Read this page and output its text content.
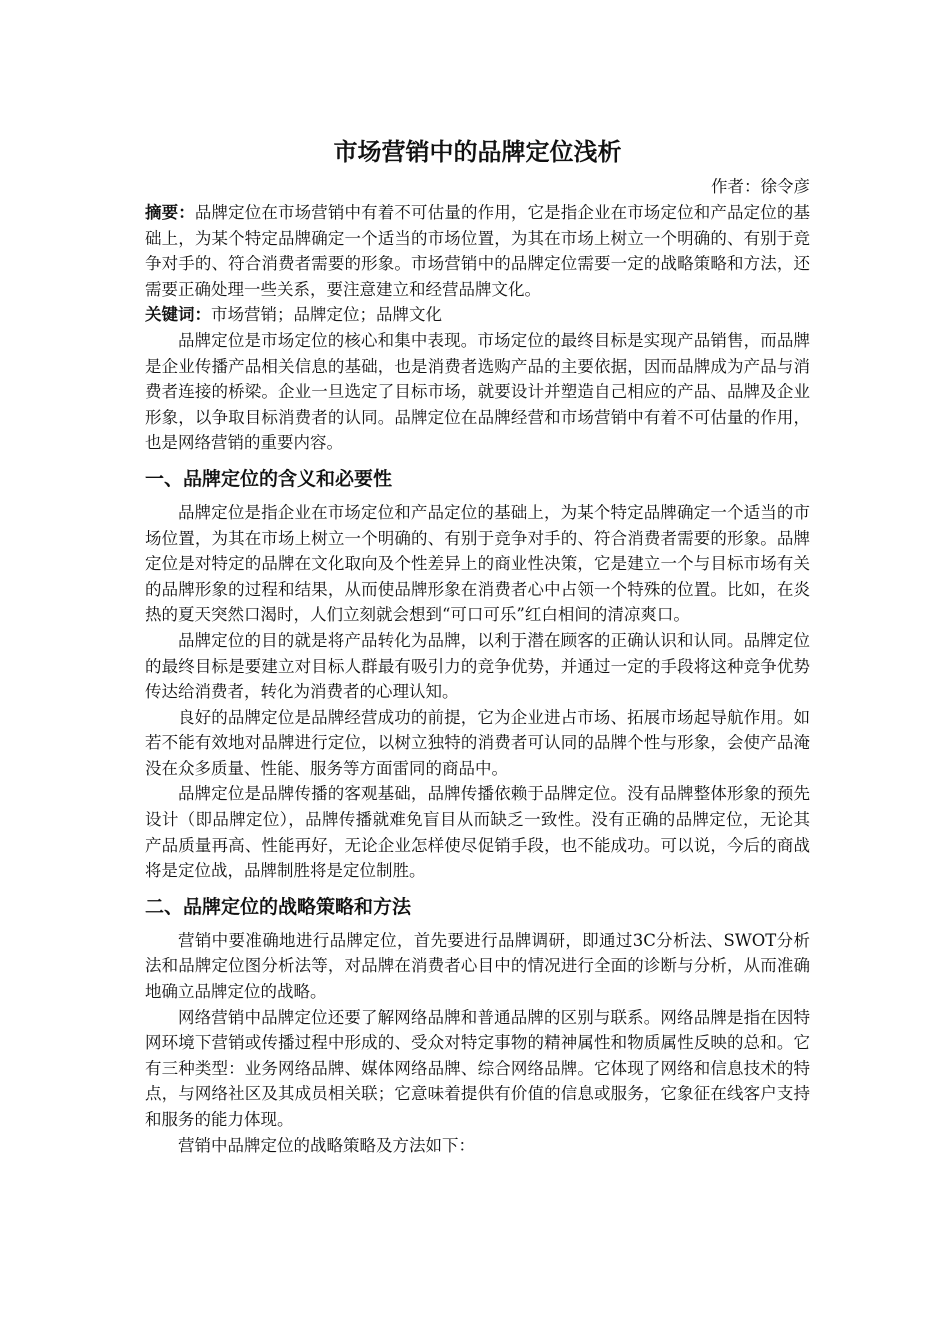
市场营销中的品牌定位浅析

作者：徐令彦

摘要：品牌定位在市场营销中有着不可估量的作用，它是指企业在市场定位和产品定位的基础上，为某个特定品牌确定一个适当的市场位置，为其在市场上树立一个明确的、有别于竞争对手的、符合消费者需要的形象。市场营销中的品牌定位需要一定的战略策略和方法，还需要正确处理一些关系，要注意建立和经营品牌文化。

关键词：市场营销；品牌定位；品牌文化

品牌定位是市场定位的核心和集中表现。市场定位的最终目标是实现产品销售，而品牌是企业传播产品相关信息的基础，也是消费者选购产品的主要依据，因而品牌成为产品与消费者连接的桥梁。企业一旦选定了目标市场，就要设计并塑造自己相应的产品、品牌及企业形象，以争取目标消费者的认同。品牌定位在品牌经营和市场营销中有着不可估量的作用，也是网络营销的重要内容。

一、品牌定位的含义和必要性

品牌定位是指企业在市场定位和产品定位的基础上，为某个特定品牌确定一个适当的市场位置，为其在市场上树立一个明确的、有别于竞争对手的、符合消费者需要的形象。品牌定位是对特定的品牌在文化取向及个性差异上的商业性决策，它是建立一个与目标市场有关的品牌形象的过程和结果，从而使品牌形象在消费者心中占领一个特殊的位置。比如，在炎热的夏天突然口渴时，人们立刻就会想到“可口可乐”红白相间的清凉爽口。

品牌定位的目的就是将产品转化为品牌，以利于潜在顾客的正确认识和认同。品牌定位的最终目标是要建立对目标人群最有吸引力的竞争优势，并通过一定的手段将这种竞争优势传达给消费者，转化为消费者的心理认知。

良好的品牌定位是品牌经营成功的前提，它为企业进占市场、拓展市场起导航作用。如若不能有效地对品牌进行定位，以树立独特的消费者可认同的品牌个性与形象，会使产品淹没在众多质量、性能、服务等方面雷同的商品中。

品牌定位是品牌传播的客观基础，品牌传播依赖于品牌定位。没有品牌整体形象的预先设计（即品牌定位），品牌传播就难免盲目从而缺乏一致性。没有正确的品牌定位，无论其产品质量再高、性能再好，无论企业怎样使尽促销手段，也不能成功。可以说，今后的商战将是定位战，品牌制胜将是定位制胜。

二、品牌定位的战略策略和方法

营销中要准确地进行品牌定位，首先要进行品牌调研，即通过3C分析法、SWOT分析法和品牌定位图分析法等，对品牌在消费者心目中的情况进行全面的诊断与分析，从而准确地确立品牌定位的战略。

网络营销中品牌定位还要了解网络品牌和普通品牌的区别与联系。网络品牌是指在因特网环境下营销或传播过程中形成的、受众对特定事物的精神属性和物质属性反映的总和。它有三种类型：业务网络品牌、媒体网络品牌、综合网络品牌。它体现了网络和信息技术的特点，与网络社区及其成员相关联；它意味着提供有价值的信息或服务，它象征在线客户支持和服务的能力体现。

营销中品牌定位的战略策略及方法如下：
